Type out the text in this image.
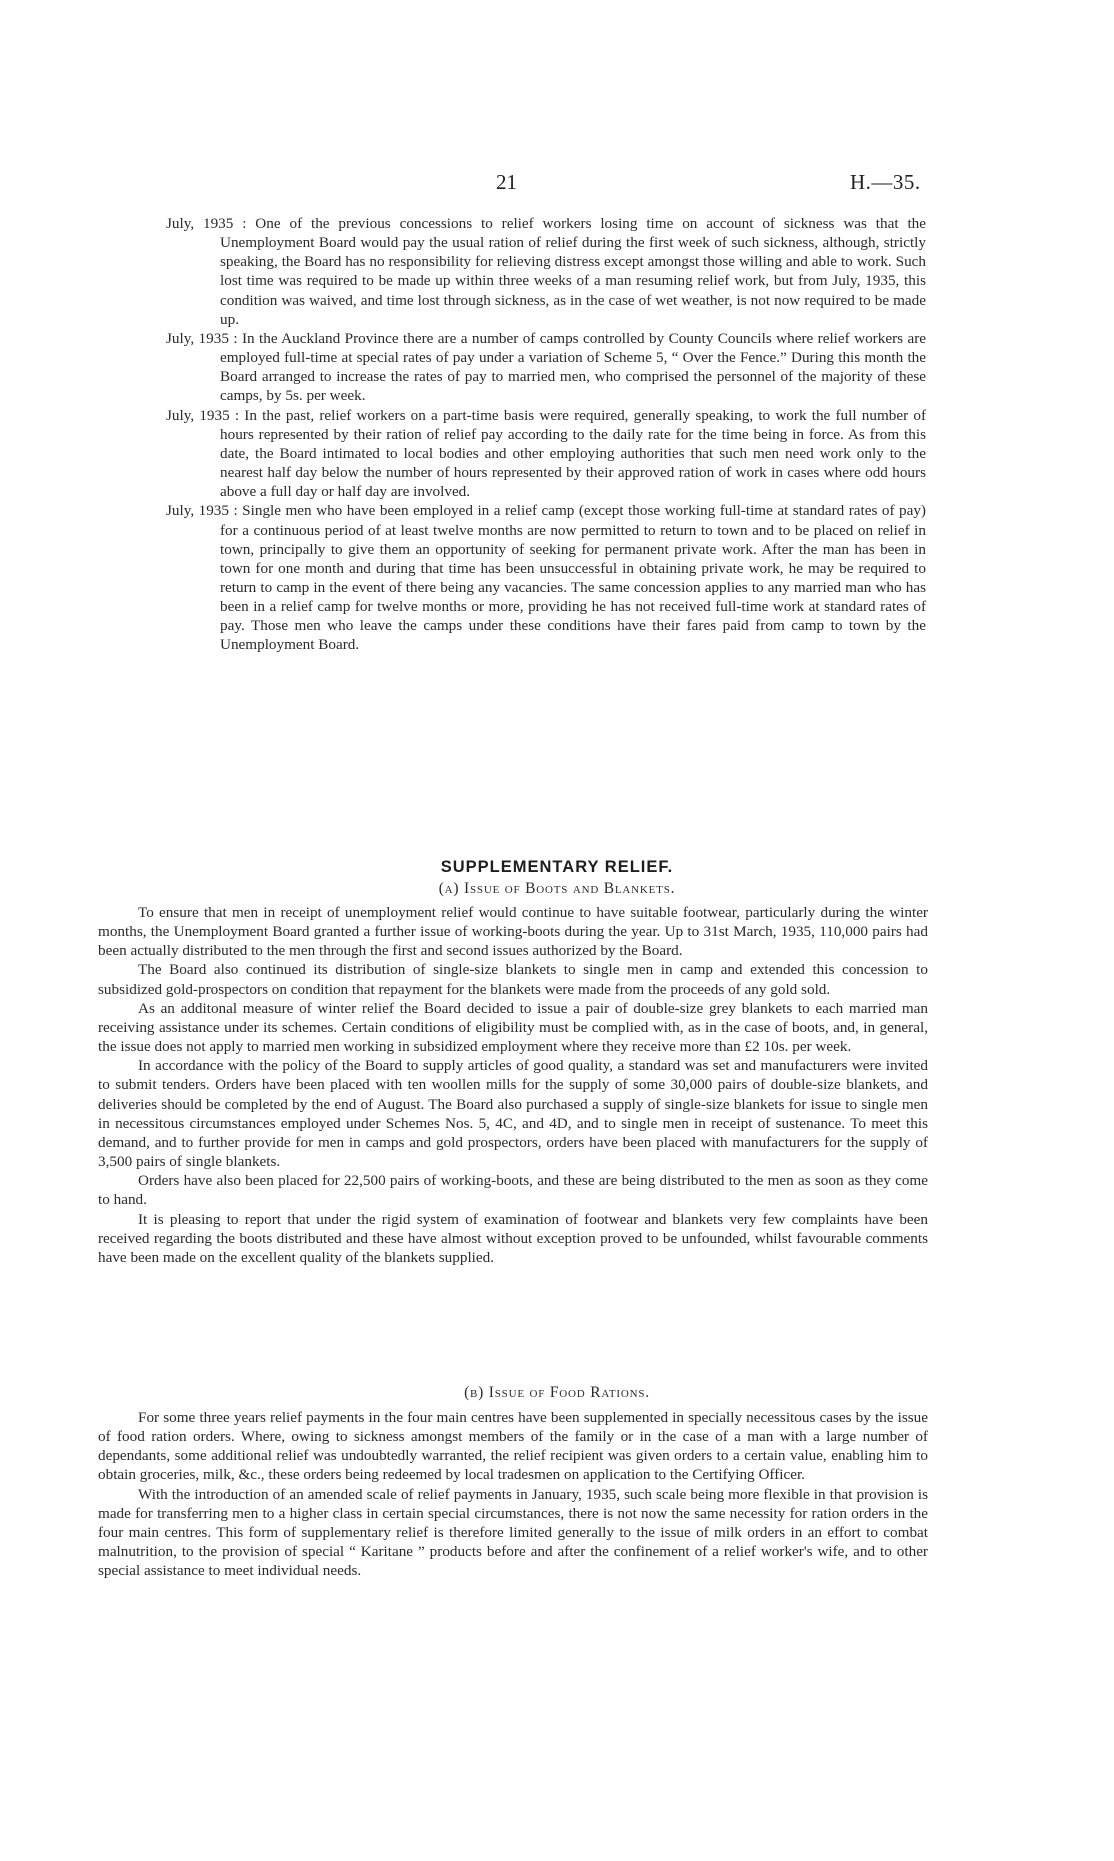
21	H.—35.

July, 1935 : One of the previous concessions to relief workers losing time on account of sickness was that the Unemployment Board would pay the usual ration of relief during the first week of such sickness, although, strictly speaking, the Board has no responsibility for relieving distress except amongst those willing and able to work. Such lost time was required to be made up within three weeks of a man resuming relief work, but from July, 1935, this condition was waived, and time lost through sickness, as in the case of wet weather, is not now required to be made up.

July, 1935 : In the Auckland Province there are a number of camps controlled by County Councils where relief workers are employed full-time at special rates of pay under a variation of Scheme 5, “ Over the Fence.” During this month the Board arranged to increase the rates of pay to married men, who comprised the personnel of the majority of these camps, by 5s. per week.

July, 1935 : In the past, relief workers on a part-time basis were required, generally speaking, to work the full number of hours represented by their ration of relief pay according to the daily rate for the time being in force. As from this date, the Board intimated to local bodies and other employing authorities that such men need work only to the nearest half day below the number of hours represented by their approved ration of work in cases where odd hours above a full day or half day are involved.

July, 1935 : Single men who have been employed in a relief camp (except those working full-time at standard rates of pay) for a continuous period of at least twelve months are now permitted to return to town and to be placed on relief in town, principally to give them an opportunity of seeking for permanent private work. After the man has been in town for one month and during that time has been unsuccessful in obtaining private work, he may be required to return to camp in the event of there being any vacancies. The same concession applies to any married man who has been in a relief camp for twelve months or more, providing he has not received full-time work at standard rates of pay. Those men who leave the camps under these conditions have their fares paid from camp to town by the Unemployment Board.

SUPPLEMENTARY RELIEF.
(a) Issue of Boots and Blankets.

To ensure that men in receipt of unemployment relief would continue to have suitable footwear, particularly during the winter months, the Unemployment Board granted a further issue of working-boots during the year. Up to 31st March, 1935, 110,000 pairs had been actually distributed to the men through the first and second issues authorized by the Board.

The Board also continued its distribution of single-size blankets to single men in camp and extended this concession to subsidized gold-prospectors on condition that repayment for the blankets were made from the proceeds of any gold sold.

As an additonal measure of winter relief the Board decided to issue a pair of double-size grey blankets to each married man receiving assistance under its schemes. Certain conditions of eligibility must be complied with, as in the case of boots, and, in general, the issue does not apply to married men working in subsidized employment where they receive more than £2 10s. per week.

In accordance with the policy of the Board to supply articles of good quality, a standard was set and manufacturers were invited to submit tenders. Orders have been placed with ten woollen mills for the supply of some 30,000 pairs of double-size blankets, and deliveries should be completed by the end of August. The Board also purchased a supply of single-size blankets for issue to single men in necessitous circumstances employed under Schemes Nos. 5, 4C, and 4D, and to single men in receipt of sustenance. To meet this demand, and to further provide for men in camps and gold prospectors, orders have been placed with manufacturers for the supply of 3,500 pairs of single blankets.

Orders have also been placed for 22,500 pairs of working-boots, and these are being distributed to the men as soon as they come to hand.

It is pleasing to report that under the rigid system of examination of footwear and blankets very few complaints have been received regarding the boots distributed and these have almost without exception proved to be unfounded, whilst favourable comments have been made on the excellent quality of the blankets supplied.

(b) Issue of Food Rations.

For some three years relief payments in the four main centres have been supplemented in specially necessitous cases by the issue of food ration orders. Where, owing to sickness amongst members of the family or in the case of a man with a large number of dependants, some additional relief was undoubtedly warranted, the relief recipient was given orders to a certain value, enabling him to obtain groceries, milk, &c., these orders being redeemed by local tradesmen on application to the Certifying Officer.

With the introduction of an amended scale of relief payments in January, 1935, such scale being more flexible in that provision is made for transferring men to a higher class in certain special circumstances, there is not now the same necessity for ration orders in the four main centres. This form of supplementary relief is therefore limited generally to the issue of milk orders in an effort to combat malnutrition, to the provision of special “ Karitane ” products before and after the confinement of a relief worker's wife, and to other special assistance to meet individual needs.
